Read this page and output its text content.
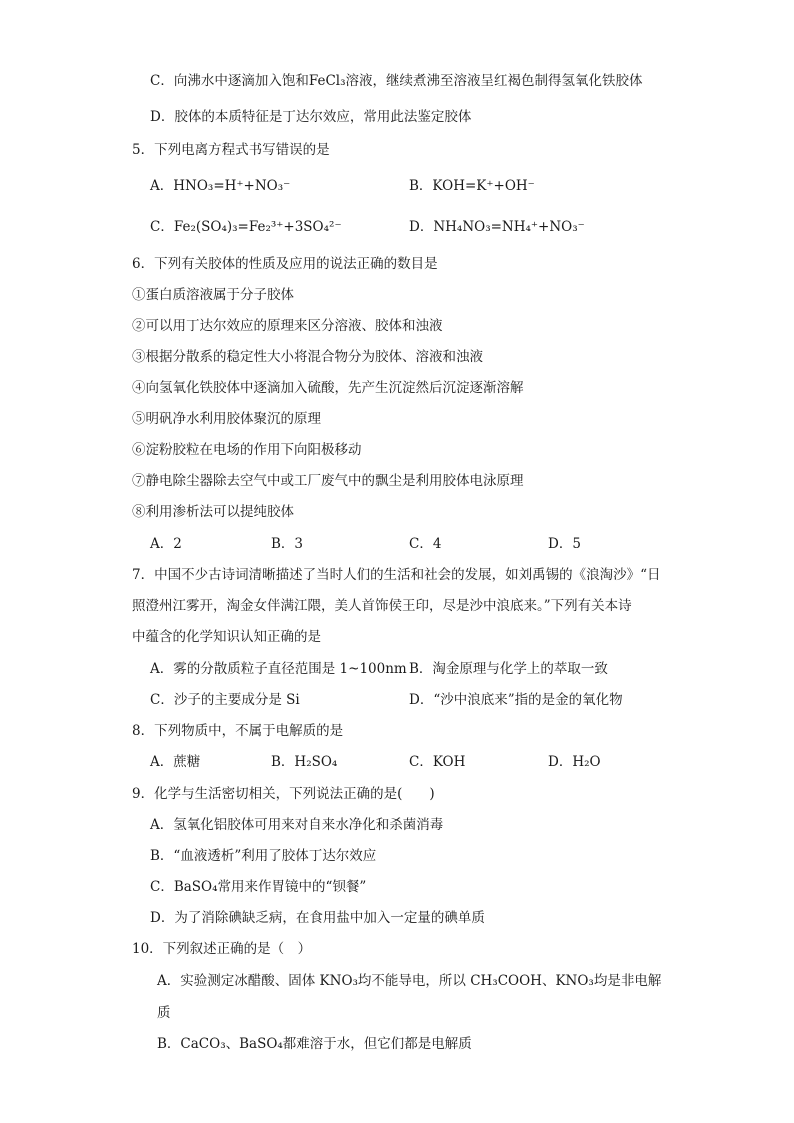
C．向沸水中逐滴加入饱和FeCl₃溶液，继续煮沸至溶液呈红褐色制得氢氧化铁胶体
D．胶体的本质特征是丁达尔效应，常用此法鉴定胶体
5．下列电离方程式书写错误的是
A．HNO₃=H⁺+NO₃⁻	B．KOH=K⁺+OH⁻
C．Fe₂(SO₄)₃=Fe₂³⁺+3SO₄²⁻	D．NH₄NO₃=NH₄⁺+NO₃⁻
6．下列有关胶体的性质及应用的说法正确的数目是
①蛋白质溶液属于分子胶体
②可以用丁达尔效应的原理来区分溶液、胶体和浊液
③根据分散系的稳定性大小将混合物分为胶体、溶液和浊液
④向氢氧化铁胶体中逐滴加入硫酸，先产生沉淀然后沉淀逐渐溶解
⑤明矾净水利用胶体聚沉的原理
⑥淀粉胶粒在电场的作用下向阳极移动
⑦静电除尘器除去空气中或工厂废气中的飘尘是利用胶体电泳原理
⑧利用渗析法可以提纯胶体
A．2	B．3	C．4	D．5
7．中国不少古诗词清晰描述了当时人们的生活和社会的发展，如刘禹锡的《浪淘沙》“日
照澄州江雾开，淘金女伴满江隈，美人首饰侯王印，尽是沙中浪底来。”下列有关本诗
中蕴含的化学知识认知正确的是
A．雾的分散质粒子直径范围是 1~100nm B．淘金原理与化学上的萃取一致
C．沙子的主要成分是 Si	D．“沙中浪底来”指的是金的氧化物
8．下列物质中，不属于电解质的是
A．蔗糖	B．H₂SO₄	C．KOH	D．H₂O
9．化学与生活密切相关，下列说法正确的是(　　)
A．氢氧化铝胶体可用来对自来水净化和杀菌消毒
B．“血液透析”利用了胶体丁达尔效应
C．BaSO₄常用来作胃镜中的“钡餐”
D．为了消除碘缺乏病，在食用盐中加入一定量的碘单质
10．下列叙述正确的是（　）
A．实验测定冰醋酸、固体 KNO₃均不能导电，所以 CH₃COOH、KNO₃均是非电解
质
B．CaCO₃、BaSO₄都难溶于水，但它们都是电解质
